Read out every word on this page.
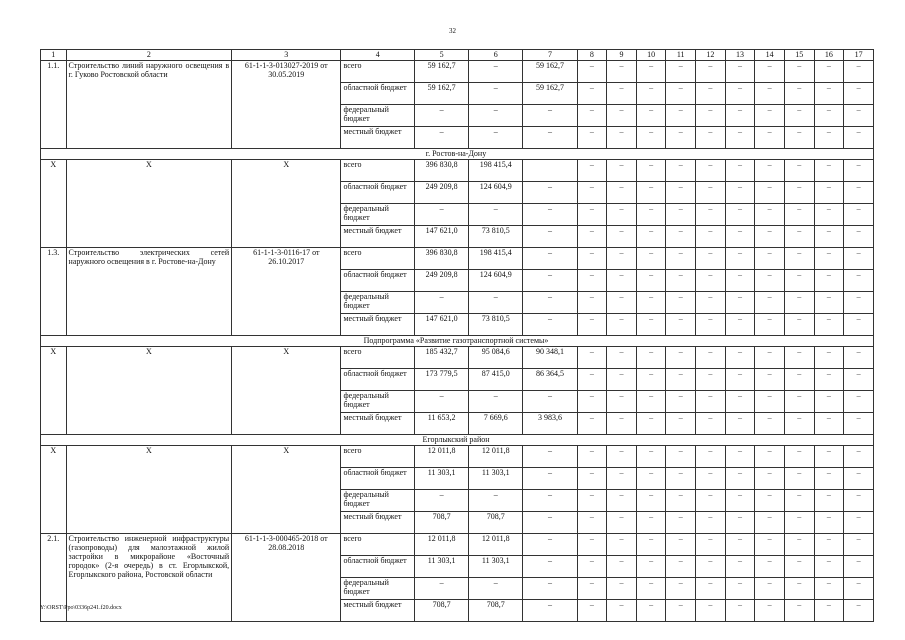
32
1	2	3	4	5	6	7	8	9	10	11	12	13	14	15	16	17
1.1.	Строительство линий наружного освещения в г. Гуково Ростовской области	61-1-1-3-013027-2019 от 30.05.2019	всего	59 162,7	–	59 162,7	–	–	–	–	–	–	–	–	–	–
			областной бюджет	59 162,7	–	59 162,7	–	–	–	–	–	–	–	–	–	–
			федеральный бюджет	–	–	–	–	–	–	–	–	–	–	–	–	–
			местный бюджет	–	–	–	–	–	–	–	–	–	–	–	–	–
г. Ростов-на-Дону																
X	X	X	всего	396 830,8	198 415,4		–	–	–	–	–	–	–	–	–	–
			областной бюджет	249 209,8	124 604,9	–	–	–	–	–	–	–	–	–	–	–
			федеральный бюджет	–	–	–	–	–	–	–	–	–	–	–	–	–
			местный бюджет	147 621,0	73 810,5	–	–	–	–	–	–	–	–	–	–	–
1.3.	Строительство электрических сетей наружного освещения в г. Ростове-на-Дону	61-1-1-3-0116-17 от 26.10.2017	всего	396 830,8	198 415,4	–	–	–	–	–	–	–	–	–	–	–
			областной бюджет	249 209,8	124 604,9	–	–	–	–	–	–	–	–	–	–	–
			федеральный бюджет	–	–	–	–	–	–	–	–	–	–	–	–	–
			местный бюджет	147 621,0	73 810,5	–	–	–	–	–	–	–	–	–	–	–
Подпрограмма «Развитие газотранспортной системы»																
X	X	X	всего	185 432,7	95 084,6	90 348,1	–	–	–	–	–	–	–	–	–	–
			областной бюджет	173 779,5	87 415,0	86 364,5	–	–	–	–	–	–	–	–	–	–
			федеральный бюджет	–	–	–	–	–	–	–	–	–	–	–	–	–
			местный бюджет	11 653,2	7 669,6	3 983,6	–	–	–	–	–	–	–	–	–	–
Егорлыкский район																
X	X	X	всего	12 011,8	12 011,8	–	–	–	–	–	–	–	–	–	–	–
			областной бюджет	11 303,1	11 303,1	–	–	–	–	–	–	–	–	–	–	–
			федеральный бюджет	–	–	–	–	–	–	–	–	–	–	–	–	–
			местный бюджет	708,7	708,7	–	–	–	–	–	–	–	–	–	–	–
2.1.	Строительство инженерной инфраструктуры (газопроводы) для малоэтажной жилой застройки в микрорайоне «Восточный городок» (2-я очередь) в ст. Егорлыкской, Егорлыкского района, Ростовской области	61-1-1-3-000465-2018 от 28.08.2018	всего	12 011,8	12 011,8	–	–	–	–	–	–	–	–	–	–	–
			областной бюджет	11 303,1	11 303,1	–	–	–	–	–	–	–	–	–	–	–
			федеральный бюджет	–	–	–	–	–	–	–	–	–	–	–	–	–
			местный бюджет	708,7	708,7	–	–	–	–	–	–	–	–	–	–	–
Y:\ORST\Ppo\0336p241.f20.docx
